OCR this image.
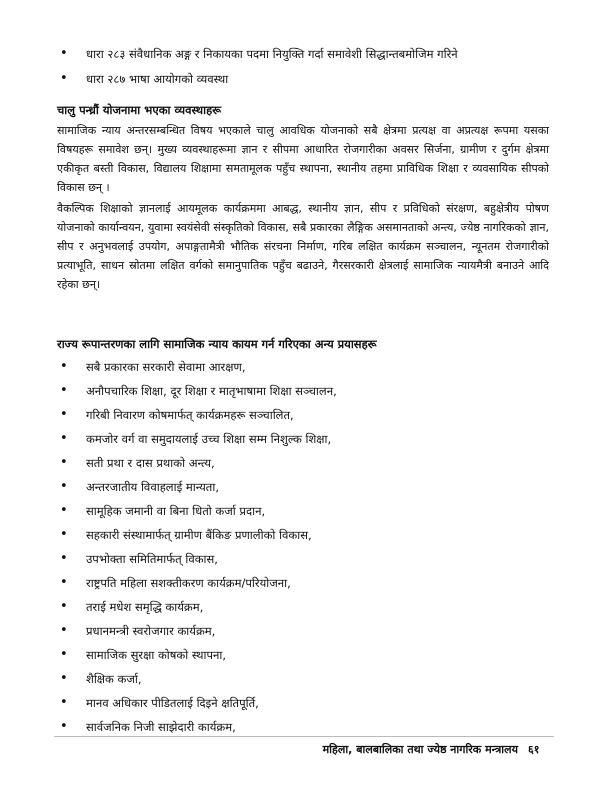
• धारा २८३ संवैधानिक अङ्ग र निकायका पदमा नियुक्ति गर्दा समावेशी सिद्धान्तबमोजिम गरिने
• धारा २८७ भाषा आयोगको व्यवस्था
चालु पन्ध्रौं योजनामा भएका व्यवस्थाहरू

सामाजिक न्याय अन्तरसम्बन्धित विषय भएकाले चालु आवधिक योजनाको सबै क्षेत्रमा प्रत्यक्ष वा अप्रत्यक्ष रूपमा यसका विषयहरू समावेश छन्। मुख्य व्यवस्थाहरूमा ज्ञान र सीपमा आधारित रोजगारीका अवसर सिर्जना, ग्रामीण र दुर्गम क्षेत्रमा एकीकृत बस्ती विकास, विद्यालय शिक्षामा समतामूलक पहुँच स्थापना, स्थानीय तहमा प्राविधिक शिक्षा र व्यवसायिक सीपको विकास छन् ।

वैकल्पिक शिक्षाको ज्ञानलाई आयमूलक कार्यक्रममा आबद्ध, स्थानीय ज्ञान, सीप र प्रविधिको संरक्षण, बहुक्षेत्रीय पोषण योजनाको कार्यान्वयन, युवामा स्वयंसेवी संस्कृतिको विकास, सबै प्रकारका लैङ्गिक असमानताको अन्त्य, ज्येष्ठ नागरिकको ज्ञान, सीप र अनुभवलाई उपयोग, अपाङ्गतामैत्री भौतिक संरचना निर्माण, गरिब लक्षित कार्यक्रम सञ्चालन, न्यूनतम रोजगारीको प्रत्याभूति, साधन स्रोतमा लक्षित वर्गको समानुपातिक पहुँच बढाउने, गैरसरकारी क्षेत्रलाई सामाजिक न्यायमैत्री बनाउने आदि रहेका छन्।

राज्य रूपान्तरणका लागि सामाजिक न्याय कायम गर्न गरिएका अन्य प्रयासहरू
• सबै प्रकारका सरकारी सेवामा आरक्षण,
• अनौपचारिक शिक्षा, दूर शिक्षा र मातृभाषामा शिक्षा सञ्चालन,
• गरिबी निवारण कोषमार्फत् कार्यक्रमहरू सञ्चालित,
• कमजोर वर्ग वा समुदायलाई उच्च शिक्षा सम्म निशुल्क शिक्षा,
• सती प्रथा र दास प्रथाको अन्त्य,
• अन्तरजातीय विवाहलाई मान्यता,
• सामूहिक जमानी वा बिना धितो कर्जा प्रदान,
• सहकारी संस्थामार्फत् ग्रामीण बैंकिङ प्रणालीको विकास,
• उपभोक्ता समितिमार्फत् विकास,
• राष्ट्रपति महिला सशक्तीकरण कार्यक्रम/परियोजना,
• तराई मधेश समृद्धि कार्यक्रम,
• प्रधानमन्त्री स्वरोजगार कार्यक्रम,
• सामाजिक सुरक्षा कोषको स्थापना,
• शैक्षिक कर्जा,
• मानव अधिकार पीडितलाई दिइने क्षतिपूर्ति,
• सार्वजनिक निजी साझेदारी कार्यक्रम,
महिला, बालबालिका तथा ज्येष्ठ नागरिक मन्त्रालय ६१
